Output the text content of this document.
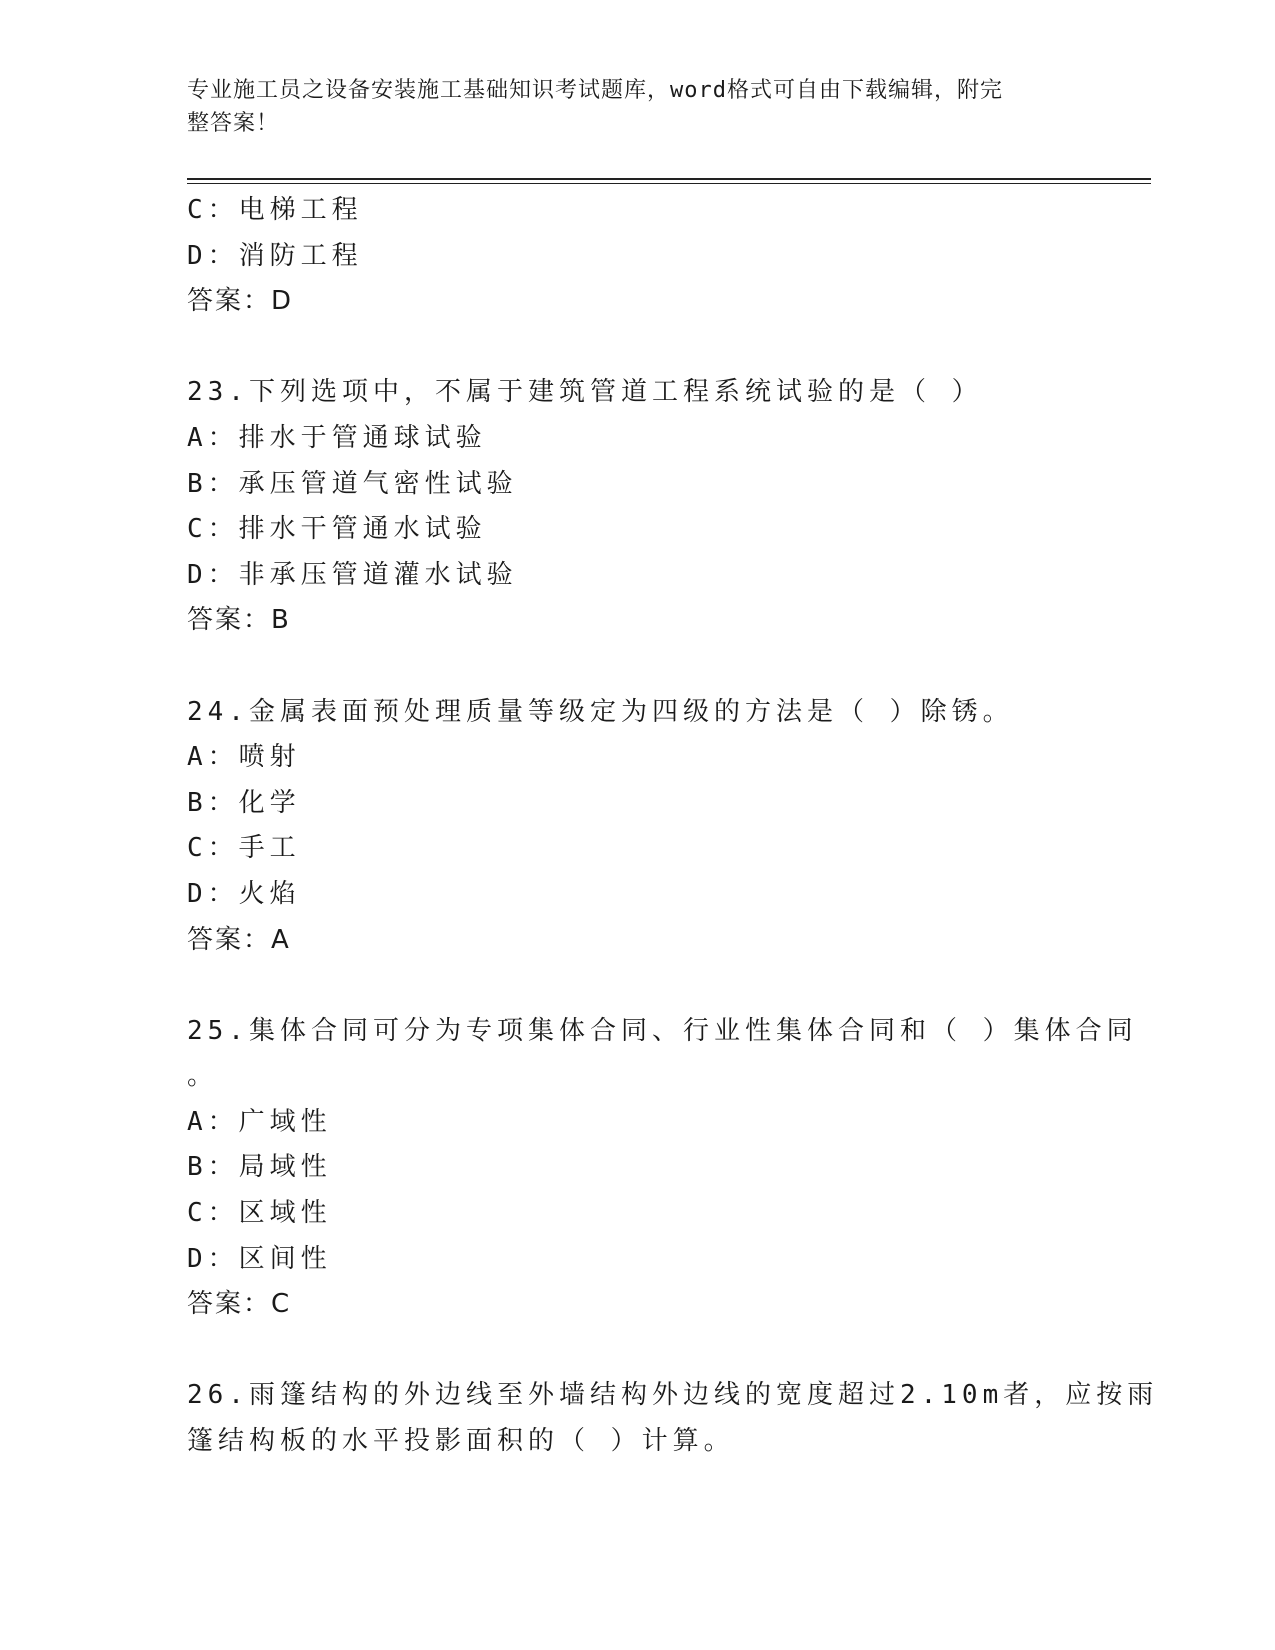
专业施工员之设备安装施工基础知识考试题库，word格式可自由下载编辑，附完
整答案！
C：电梯工程
D：消防工程
答案：D
23.下列选项中，不属于建筑管道工程系统试验的是（ ）
A：排水于管通球试验
B：承压管道气密性试验
C：排水干管通水试验
D：非承压管道灌水试验
答案：B
24.金属表面预处理质量等级定为四级的方法是（ ）除锈。
A：喷射
B：化学
C：手工
D：火焰
答案：A
25.集体合同可分为专项集体合同、行业性集体合同和（ ）集体合同
。
A：广域性
B：局域性
C：区域性
D：区间性
答案：C
26.雨篷结构的外边线至外墙结构外边线的宽度超过2.10m者，应按雨
篷结构板的水平投影面积的（ ）计算。
